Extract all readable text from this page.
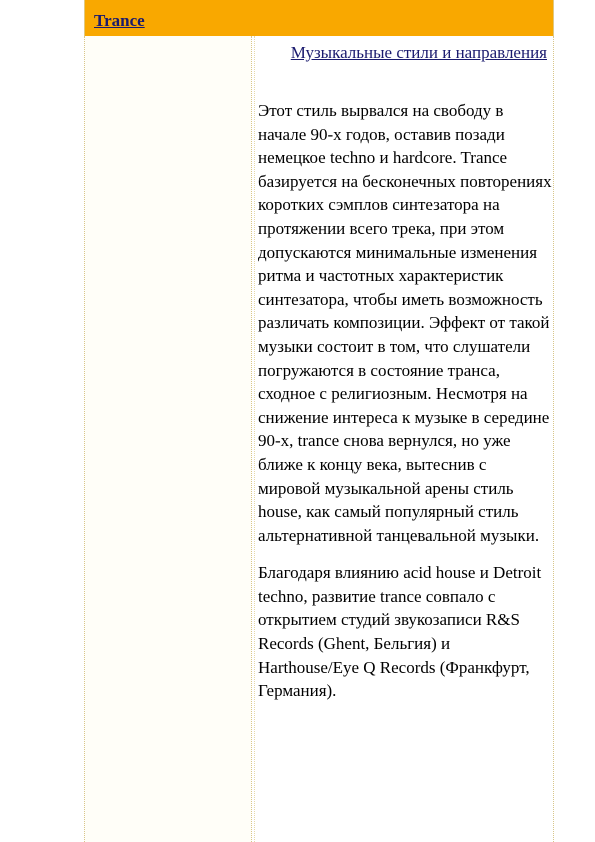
Trance
Музыкальные стили и направления

Этот стиль вырвался на свободу в начале 90-х годов, оставив позади немецкое techno и hardcore. Trance базируется на бесконечных повторениях коротких сэмплов синтезатора на протяжении всего трека, при этом допускаются минимальные изменения ритма и частотных характеристик синтезатора, чтобы иметь возможность различать композиции. Эффект от такой музыки состоит в том, что слушатели погружаются в состояние транса, сходное с религиозным. Несмотря на снижение интереса к музыке в середине 90-х, trance снова вернулся, но уже ближе к концу века, вытеснив с мировой музыкальной арены стиль house, как самый популярный стиль альтернативной танцевальной музыки.

Благодаря влиянию acid house и Detroit techno, развитие trance совпало с открытием студий звукозаписи R&S Records (Ghent, Бельгия) и Harthouse/Eye Q Records (Франкфурт, Германия).
